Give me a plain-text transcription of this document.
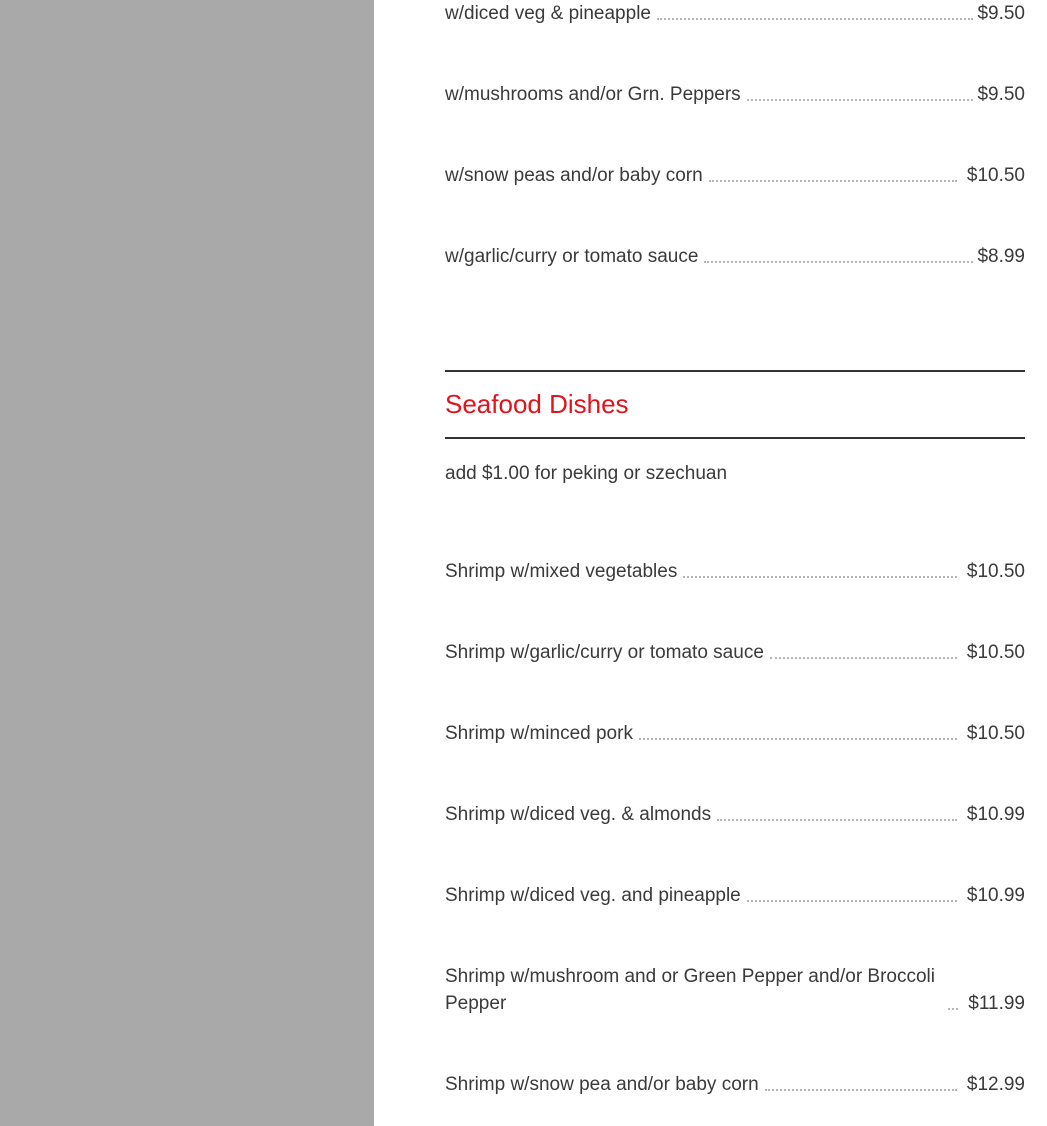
w/diced veg & pineapple	$9.50
w/mushrooms and/or Grn. Peppers	$9.50
w/snow peas and/or baby corn	$10.50
w/garlic/curry or tomato sauce	$8.99
Seafood Dishes
add $1.00 for peking or szechuan
Shrimp w/mixed vegetables	$10.50
Shrimp w/garlic/curry or tomato sauce	$10.50
Shrimp w/minced pork	$10.50
Shrimp w/diced veg. & almonds	$10.99
Shrimp w/diced veg. and pineapple	$10.99
Shrimp w/mushroom and or Green Pepper and/or Broccoli Pepper	$11.99
Shrimp w/snow pea and/or baby corn	$12.99
